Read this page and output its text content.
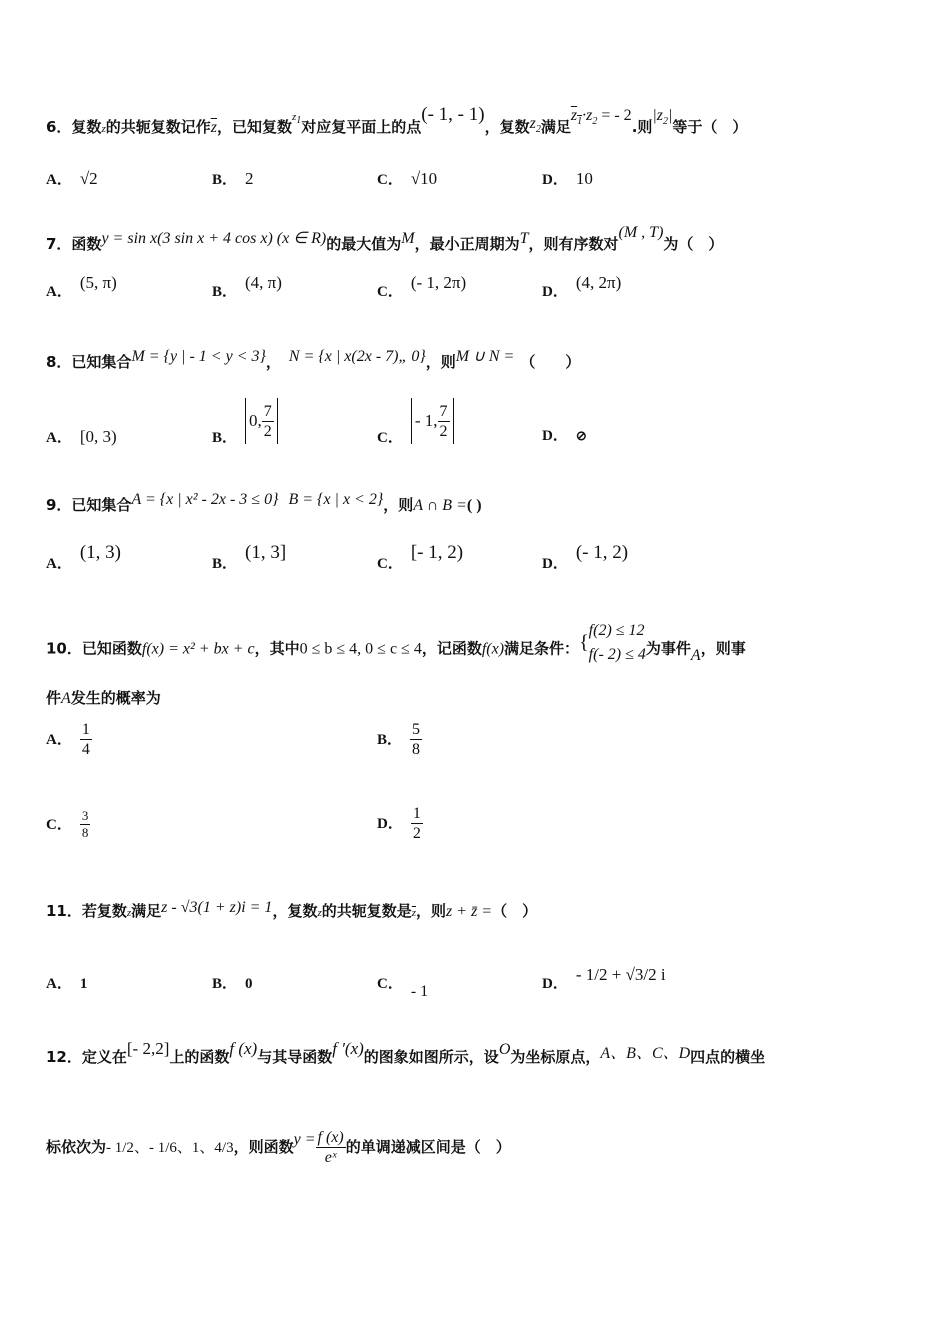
6．复数z的共轭复数记作$\overline{z}$，已知复数$^{z_1}$对应复平面上的点(- 1, - 1)，复数$z_2$满足$z_1\cdot z_2$ = - 2.则$|z_2|$等于（　）
A． √2	B． 2	C． √10	D． 10
7．函数y = sin x(3 sin x + 4 cos x) (x ∈ R)的最大值为M，最小正周期为T，则有序数对(M , T)为（　）
A． (5, π)	B． (4, π)	C． (- 1, 2π)	D． (4, 2π)
8．已知集合M = {y | - 1 < y < 3}， N = {x | x(2x - 7)„ 0}，则M ∪ N = （　　）
A． [0, 3)	B．0, $\frac{7}{2}$	C．- 1, $\frac{7}{2}$	D． ⊘
9．已知集合A = {x | x² - 2x - 3 ≤ 0} B = {x | x < 2}，则A ∩ B =( )
A．(1, 3)
B．(1, 3]
C．[- 1, 2)
D．(- 1, 2)
10．已知函数f(x) = x² + bx + c，其中0 ≤ b ≤ 4, 0 ≤ c ≤ 4，记函数f(x)满足条件：{
f(2) ≤ 12
f(- 2) ≤ 4 为事件A，则事
件A发生的概率为
A． $\frac{1}{4}$	B． $\frac{5}{8}$
C． $\frac{3}{8}$	D． $\frac{1}{2}$
11．若复数z满足z - √3(1 + z)i = 1，复数z的共轭复数是$\overline{z}$，则z + z̄ =（　）
A． 1	B． 0	C． - 1	D． - 1/2 + √3/2 i
12．定义在[- 2,2]上的函数f (x)与其导函数f ′(x)的图象如图所示，设O为坐标原点，A、B、C、D四点的横坐
标依次为- 1/2、- 1/6、1、4/3，则函数$y = \frac{f (x)}{\text{eˣ}}$ 的单调递减区间是（　）
